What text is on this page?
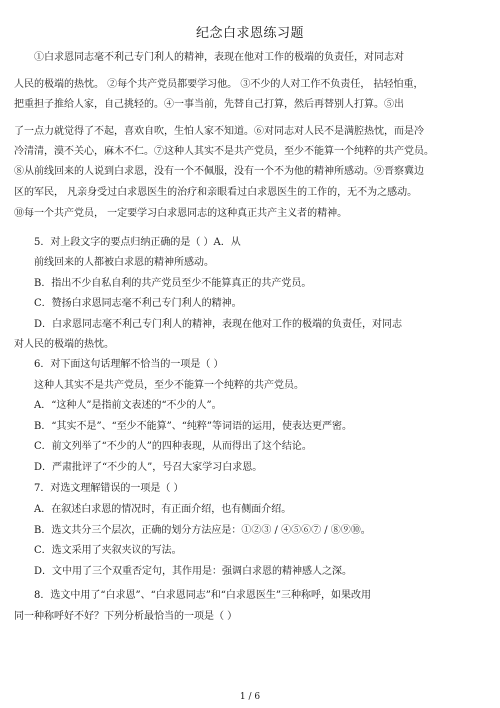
纪念白求恩练习题
①白求恩同志毫不利己专门利人的精神，表现在他对工作的极端的负责任，对同志对
人民的极端的热忱。 ②每个共产党员都要学习他。 ③不少的人对工作不负责任， 拈轻怕重，
把重担子推给人家，自己挑轻的。④一事当前，先替自己打算，然后再替别人打算。⑤出
了一点力就觉得了不起，喜欢自吹，生怕人家不知道。⑥对同志对人民不是满腔热忱，而是冷
冷清清，漠不关心，麻木不仁。⑦这种人其实不是共产党员，至少不能算一个纯粹的共产党员。
⑧从前线回来的人说到白求恩，没有一个不佩服，没有一个不为他的精神所感动。⑨晋察冀边
区的军民， 凡亲身受过白求恩医生的治疗和亲眼看过白求恩医生的工作的，无不为之感动。
⑩每一个共产党员， 一定要学习白求恩同志的这种真正共产主义者的精神。
5．对上段文字的要点归纳正确的是（ ）A．从
前线回来的人都被白求恩的精神所感动。
B．指出不少自私自利的共产党员至少不能算真正的共产党员。
C．赞扬白求恩同志毫不利己专门利人的精神。
D．白求恩同志毫不利己专门利人的精神，表现在他对工作的极端的负责任，对同志
对人民的极端的热忱。
6．对下面这句话理解不恰当的一项是（ ）
这种人其实不是共产党员，至少不能算一个纯粹的共产党员。
A．“这种人”是指前文表述的“不少的人”。
B．“其实不是”、“至少不能算”、“纯粹”等词语的运用，使表达更严密。
C．前文列举了“不少的人”的四种表现，从而得出了这个结论。
D．严肃批评了“不少的人”，号召大家学习白求恩。
7．对选文理解错误的一项是（ ）
A．在叙述白求恩的情况时，有正面介绍，也有侧面介绍。
B．选文共分三个层次，正确的划分方法应是：①②③ / ④⑤⑥⑦ / ⑧⑨⑩。
C．选文采用了夹叙夹议的写法。
D．文中用了三个双重否定句，其作用是：强调白求恩的精神感人之深。
8．选文中用了“白求恩”、“白求恩同志”和“白求恩医生”三种称呼，如果改用
同一种称呼好不好？下列分析最恰当的一项是（ ）
1 / 6
